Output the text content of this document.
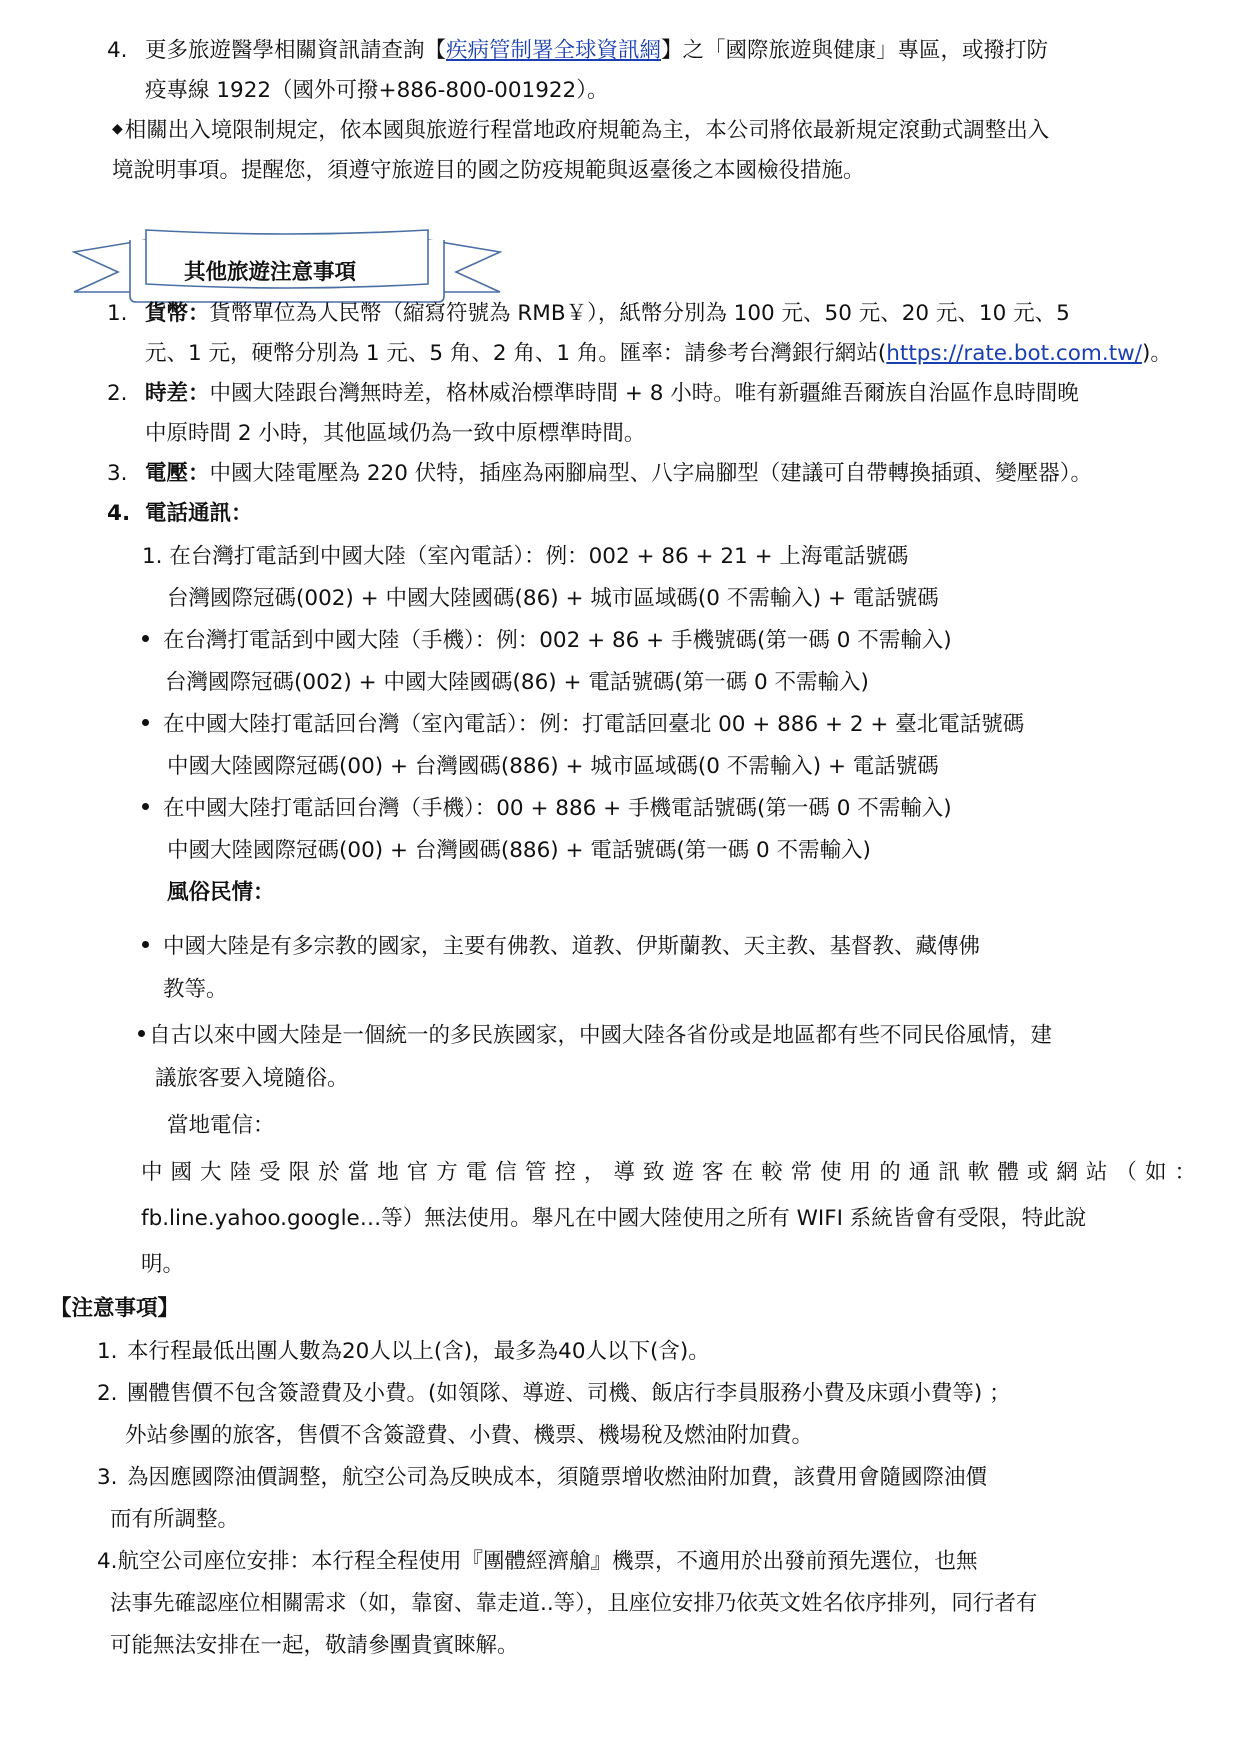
4. 更多旅遊醫學相關資訊請查詢【疾病管制署全球資訊網】之「國際旅遊與健康」專區，或撥打防
疫專線 1922（國外可撥+886-800-001922）。
◆相關出入境限制規定，依本國與旅遊行程當地政府規範為主，本公司將依最新規定滾動式調整出入
境說明事項。提醒您，須遵守旅遊目的國之防疫規範與返臺後之本國檢役措施。
其他旅遊注意事項
1. 貨幣：貨幣單位為人民幣（縮寫符號為 RMB￥），紙幣分別為 100 元、50 元、20 元、10 元、5
元、1 元，硬幣分別為 1 元、5 角、2 角、1 角。匯率：請參考台灣銀行網站(https://rate.bot.com.tw/)。
2. 時差：中國大陸跟台灣無時差，格林威治標準時間 + 8 小時。唯有新疆維吾爾族自治區作息時間晚
中原時間 2 小時，其他區域仍為一致中原標準時間。
3. 電壓：中國大陸電壓為 220 伏特，插座為兩腳扁型、八字扁腳型（建議可自帶轉換插頭、變壓器）。
4. 電話通訊：
1. 在台灣打電話到中國大陸（室內電話）：例：002 + 86 + 21 + 上海電話號碼
台灣國際冠碼(002) + 中國大陸國碼(86) + 城市區域碼(0 不需輸入) + 電話號碼
在台灣打電話到中國大陸（手機）：例：002 + 86 + 手機號碼(第一碼 0 不需輸入)
台灣國際冠碼(002) + 中國大陸國碼(86) + 電話號碼(第一碼 0 不需輸入)
在中國大陸打電話回台灣（室內電話）：例：打電話回臺北 00 + 886 + 2 + 臺北電話號碼
中國大陸國際冠碼(00) + 台灣國碼(886) + 城市區域碼(0 不需輸入) + 電話號碼
在中國大陸打電話回台灣（手機）：00 + 886 + 手機電話號碼(第一碼 0 不需輸入)
中國大陸國際冠碼(00) + 台灣國碼(886) + 電話號碼(第一碼 0 不需輸入)
風俗民情：
中國大陸是有多宗教的國家，主要有佛教、道教、伊斯蘭教、天主教、基督教、藏傳佛
教等。
自古以來中國大陸是一個統一的多民族國家，中國大陸各省份或是地區都有些不同民俗風情，建
議旅客要入境隨俗。
當地電信：
中國大陸受限於當地官方電信管控，導致遊客在較常使用的通訊軟體或網站（如：
fb.line.yahoo.google…等）無法使用。舉凡在中國大陸使用之所有 WIFI 系統皆會有受限，特此說
明。
【注意事項】
1. 本行程最低出團人數為20人以上(含)，最多為40人以下(含)。
2. 團體售價不包含簽證費及小費。(如領隊、導遊、司機、飯店行李員服務小費及床頭小費等) ；
外站參團的旅客，售價不含簽證費、小費、機票、機場稅及燃油附加費。
3. 為因應國際油價調整，航空公司為反映成本，須隨票增收燃油附加費，該費用會隨國際油價
而有所調整。
4.航空公司座位安排：本行程全程使用『團體經濟艙』機票，不適用於出發前預先選位，也無
法事先確認座位相關需求（如，靠窗、靠走道..等），且座位安排乃依英文姓名依序排列，同行者有
可能無法安排在一起，敬請參團貴賓睞解。
